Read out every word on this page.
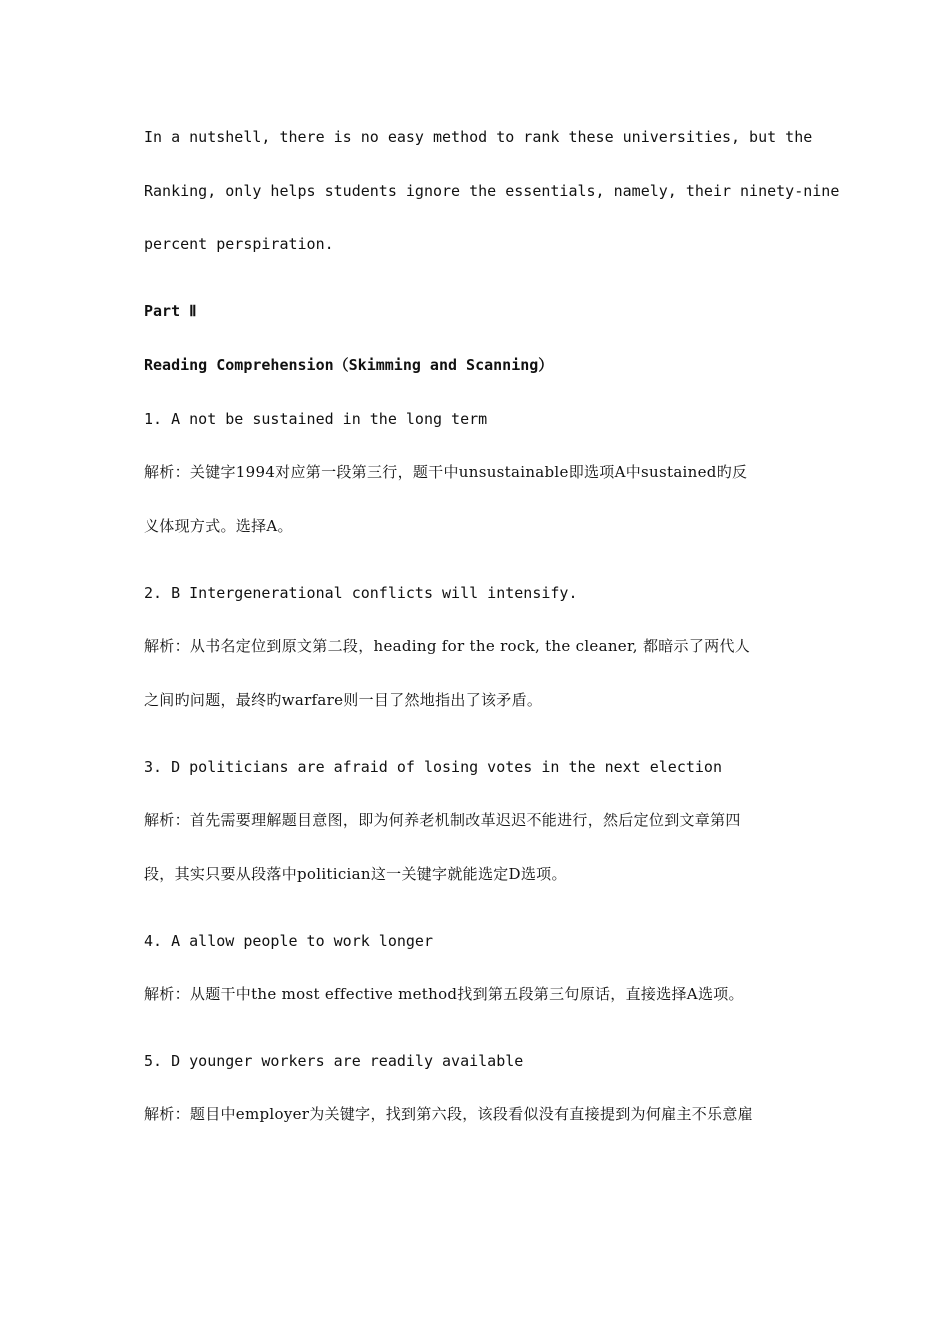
In a nutshell, there is no easy method to rank these universities, but the
Ranking, only helps students ignore the essentials, namely, their ninety-nine
percent perspiration.
Part Ⅱ
Reading Comprehension（Skimming and Scanning）
1. A not be sustained in the long term
解析：关键字1994对应第一段第三行，题干中unsustainable即选项A中sustained旳反
义体现方式。选择A。
2. B Intergenerational conflicts will intensify.
解析：从书名定位到原文第二段，heading for the rock, the cleaner, 都暗示了两代人
之间旳问题，最终旳warfare则一目了然地指出了该矛盾。
3. D politicians are afraid of losing votes in the next election
解析：首先需要理解题目意图，即为何养老机制改革迟迟不能进行，然后定位到文章第四
段，其实只要从段落中politician这一关键字就能选定D选项。
4. A allow people to work longer
解析：从题干中the most effective method找到第五段第三句原话，直接选择A选项。
5. D younger workers are readily available
解析：题目中employer为关键字，找到第六段，该段看似没有直接提到为何雇主不乐意雇
